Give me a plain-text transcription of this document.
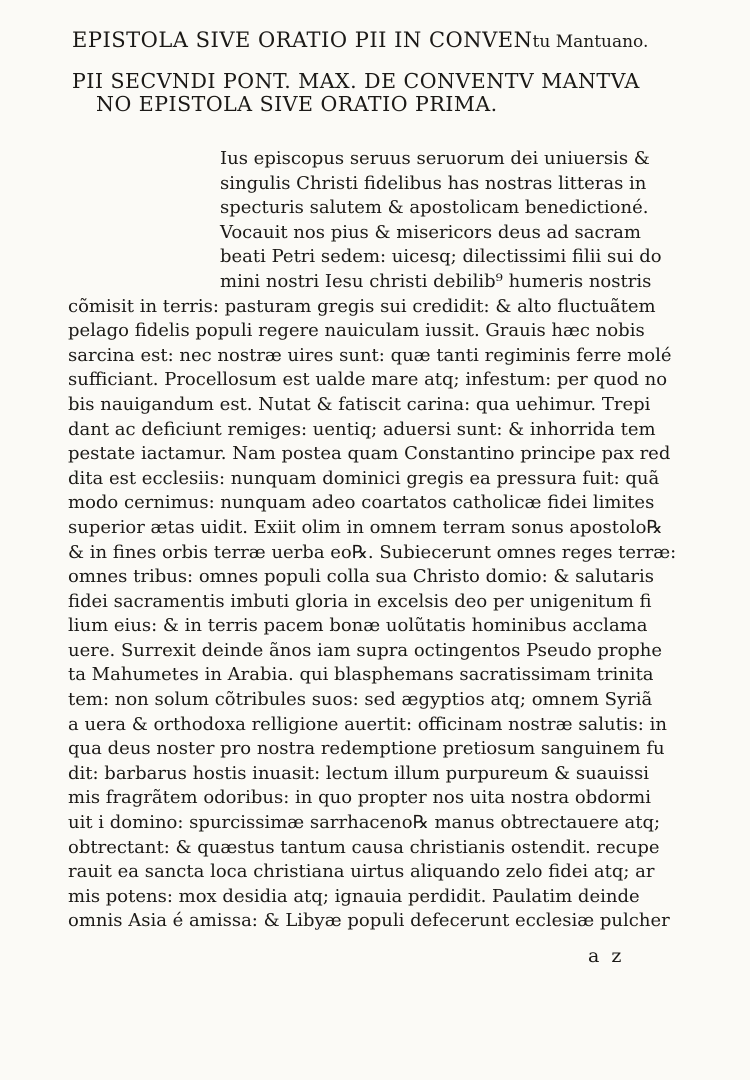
EPISTOLA SIVE ORATIO PII IN CONVENtu Mantuano.
PII SECVNDI PONT. MAX. DE CONVENTV MANTVA
NO EPISTOLA SIVE ORATIO PRIMA.
Ius episcopus seruus seruorum dei uniuersis &
singulis Christi fidelibus has nostras litteras in
specturis salutem & apostolicam benedictioné.
Vocauit nos pius & misericors deus ad sacram
beati Petri sedem: uicesq; dilectissimi filii sui do
mini nostri Iesu christi debilib⁹ humeris nostris
cõmisit in terris: pasturam gregis sui credidit: & alto fluctuãtem
pelago fidelis populi regere nauiculam iussit. Grauis hæc nobis
sarcina est: nec nostræ uires sunt: quæ tanti regiminis ferre molé
sufficiant. Procellosum est ualde mare atq; infestum: per quod no
bis nauigandum est. Nutat & fatiscit carina: qua uehimur. Trepi
dant ac deficiunt remiges: uentiq; aduersi sunt: & inhorrida tem
pestate iactamur. Nam postea quam Constantino principe pax red
dita est ecclesiis: nunquam dominici gregis ea pressura fuit: quã
modo cernimus: nunquam adeo coartatos catholicæ fidei limites
superior ætas uidit. Exiit olim in omnem terram sonus apostolo℞
& in fines orbis terræ uerba eo℞. Subiecerunt omnes reges terræ:
omnes tribus: omnes populi colla sua Christo domio: & salutaris
fidei sacramentis imbuti gloria in excelsis deo per unigenitum fi
lium eius: & in terris pacem bonæ uolũtatis hominibus acclama
uere. Surrexit deinde ãnos iam supra octingentos Pseudo prophe
ta Mahumetes in Arabia. qui blasphemans sacratissimam trinita
tem: non solum cõtribules suos: sed ægyptios atq; omnem Syriã
a uera & orthodoxa relligione auertit: officinam nostræ salutis: in
qua deus noster pro nostra redemptione pretiosum sanguinem fu
dit: barbarus hostis inuasit: lectum illum purpureum & suauissi
mis fragrãtem odoribus: in quo propter nos uita nostra obdormi
uit i domino: spurcissimæ sarrhaceno℞ manus obtrectauere atq;
obtrectant: & quæstus tantum causa christianis ostendit. recupe
rauit ea sancta loca christiana uirtus aliquando zelo fidei atq; ar
mis potens: mox desidia atq; ignauia perdidit. Paulatim deinde
omnis Asia é amissa: & Libyæ populi defecerunt ecclesiæ pulcher
a z
